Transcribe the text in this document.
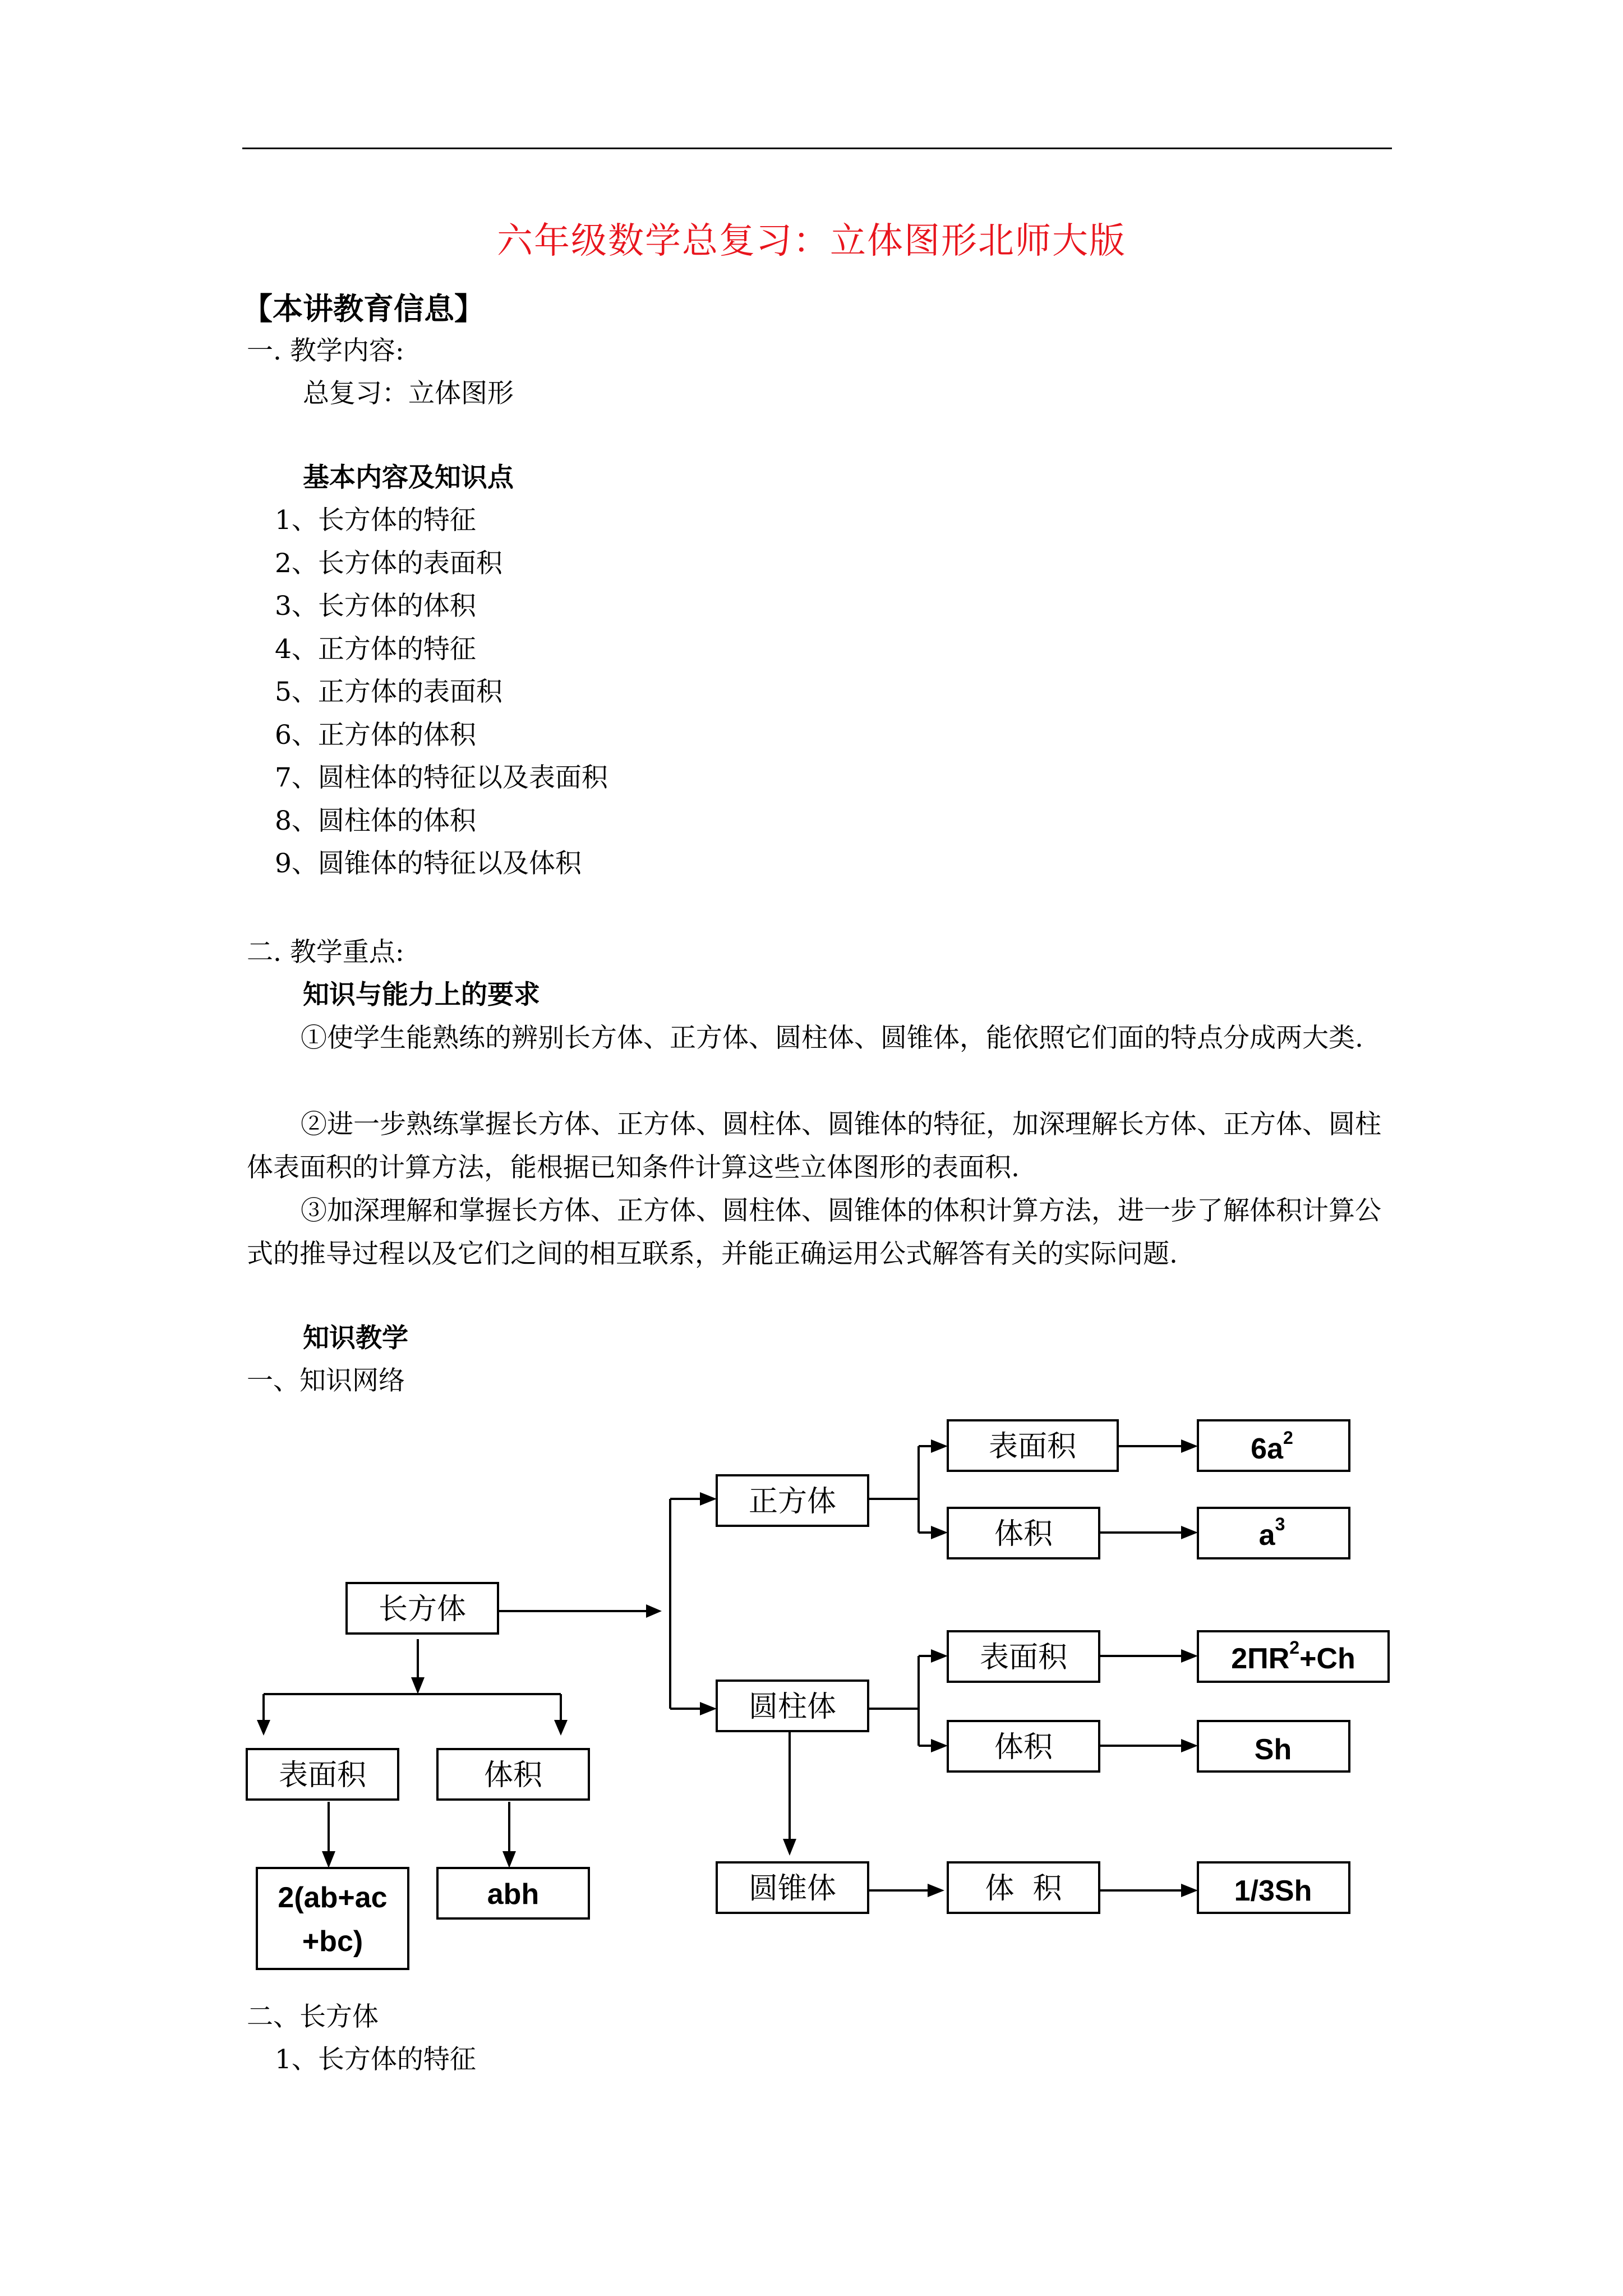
六年级数学总复习：立体图形北师大版
【本讲教育信息】
一. 教学内容:
总复习：立体图形
基本内容及知识点
1、长方体的特征
2、长方体的表面积
3、长方体的体积
4、正方体的特征
5、正方体的表面积
6、正方体的体积
7、圆柱体的特征以及表面积
8、圆柱体的体积
9、圆锥体的特征以及体积
二. 教学重点:
知识与能力上的要求
①使学生能熟练的辨别长方体、正方体、圆柱体、圆锥体，能依照它们面的特点分成两大类.
②进一步熟练掌握长方体、正方体、圆柱体、圆锥体的特征，加深理解长方体、正方体、圆柱体表面积的计算方法，能根据已知条件计算这些立体图形的表面积.
③加深理解和掌握长方体、正方体、圆柱体、圆锥体的体积计算方法，进一步了解体积计算公式的推导过程以及它们之间的相互联系，并能正确运用公式解答有关的实际问题.
知识教学
一、知识网络
长方体
表面积	体积
2(ab+ac
+bc)
abh
正方体
表面积	$6a^2$
体积	$a^3$
圆柱体
表面积	$2\Pi R^2+Ch$
体积	Sh
圆锥体	体  积	1/3Sh
二、长方体
1、长方体的特征
